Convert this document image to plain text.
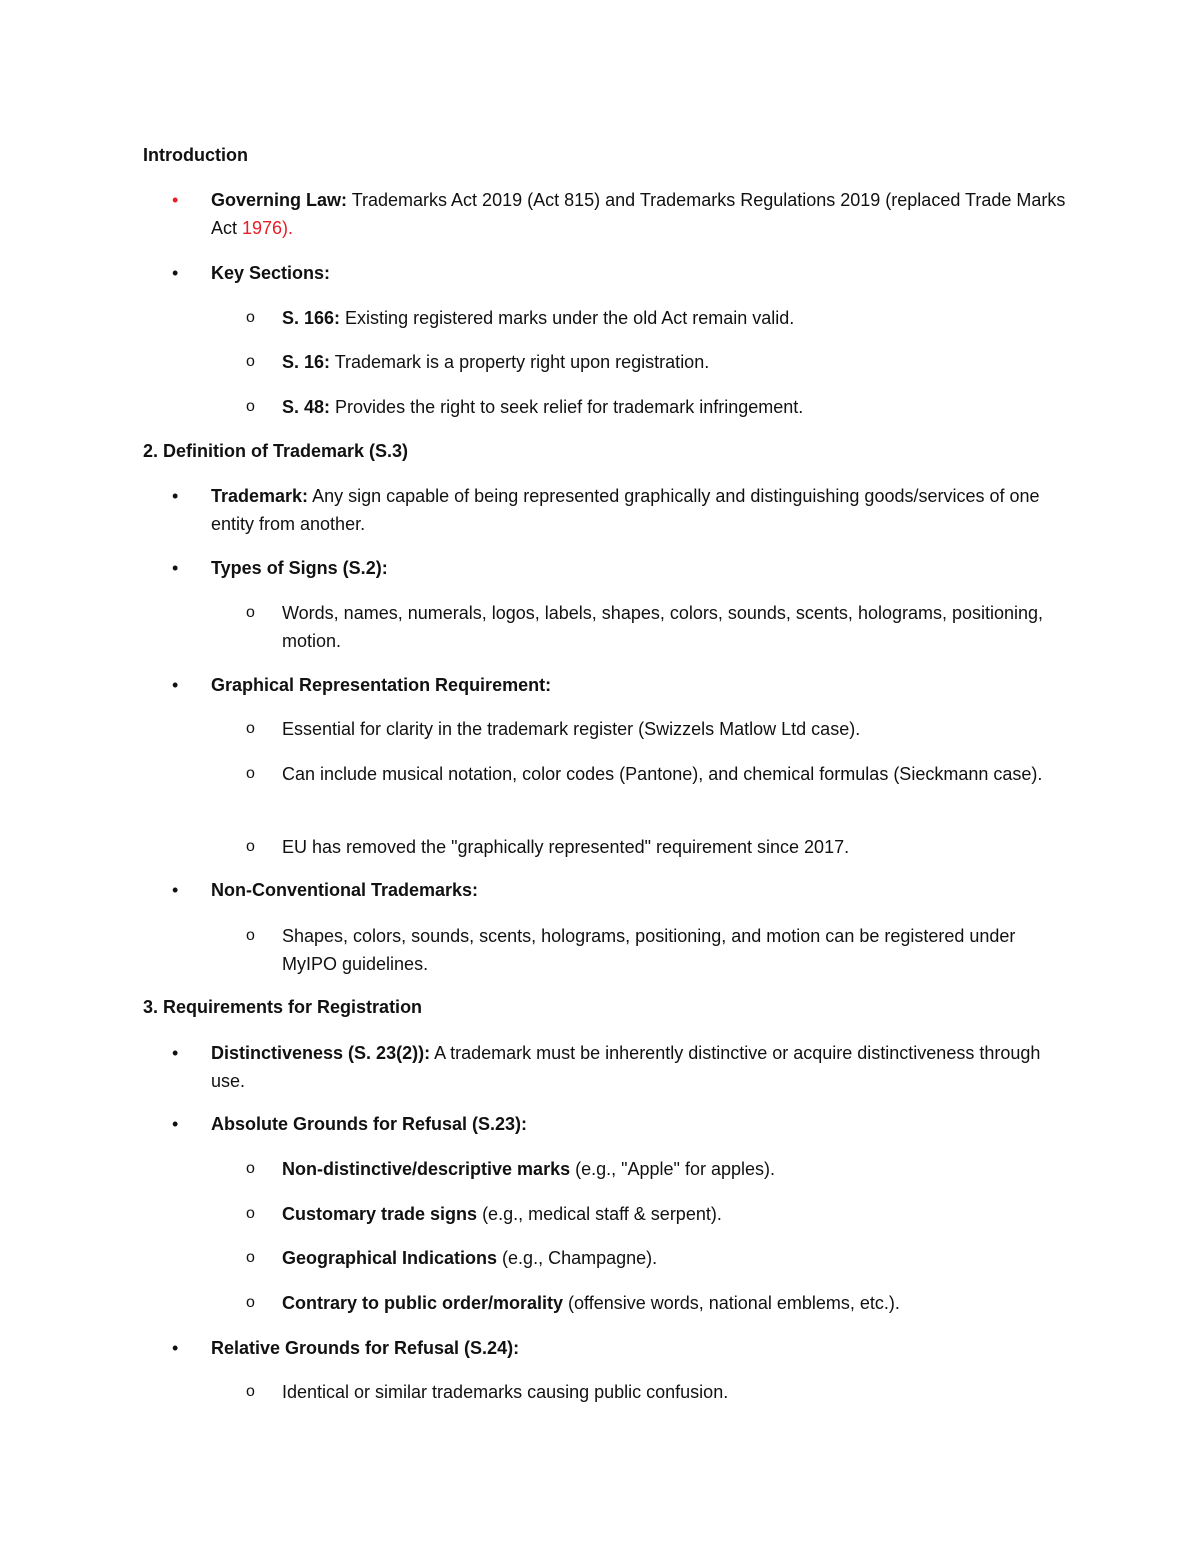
Introduction
•	Governing Law: Trademarks Act 2019 (Act 815) and Trademarks Regulations 2019 (replaced Trade Marks Act 1976).
•	Key Sections:
o S. 166: Existing registered marks under the old Act remain valid.
o S. 16: Trademark is a property right upon registration.
o S. 48: Provides the right to seek relief for trademark infringement.
2. Definition of Trademark (S.3)
•	Trademark: Any sign capable of being represented graphically and distinguishing goods/services of one entity from another.
•	Types of Signs (S.2):
o Words, names, numerals, logos, labels, shapes, colors, sounds, scents, holograms, positioning, motion.
•	Graphical Representation Requirement:
o Essential for clarity in the trademark register (Swizzels Matlow Ltd case).
o Can include musical notation, color codes (Pantone), and chemical formulas (Sieckmann case).
o EU has removed the "graphically represented" requirement since 2017.
•	Non-Conventional Trademarks:
o Shapes, colors, sounds, scents, holograms, positioning, and motion can be registered under MyIPO guidelines.
3. Requirements for Registration
•	Distinctiveness (S. 23(2)): A trademark must be inherently distinctive or acquire distinctiveness through use.
•	Absolute Grounds for Refusal (S.23):
o Non-distinctive/descriptive marks (e.g., "Apple" for apples).
o Customary trade signs (e.g., medical staff & serpent).
o Geographical Indications (e.g., Champagne).
o Contrary to public order/morality (offensive words, national emblems, etc.).
•	Relative Grounds for Refusal (S.24):
o Identical or similar trademarks causing public confusion.
